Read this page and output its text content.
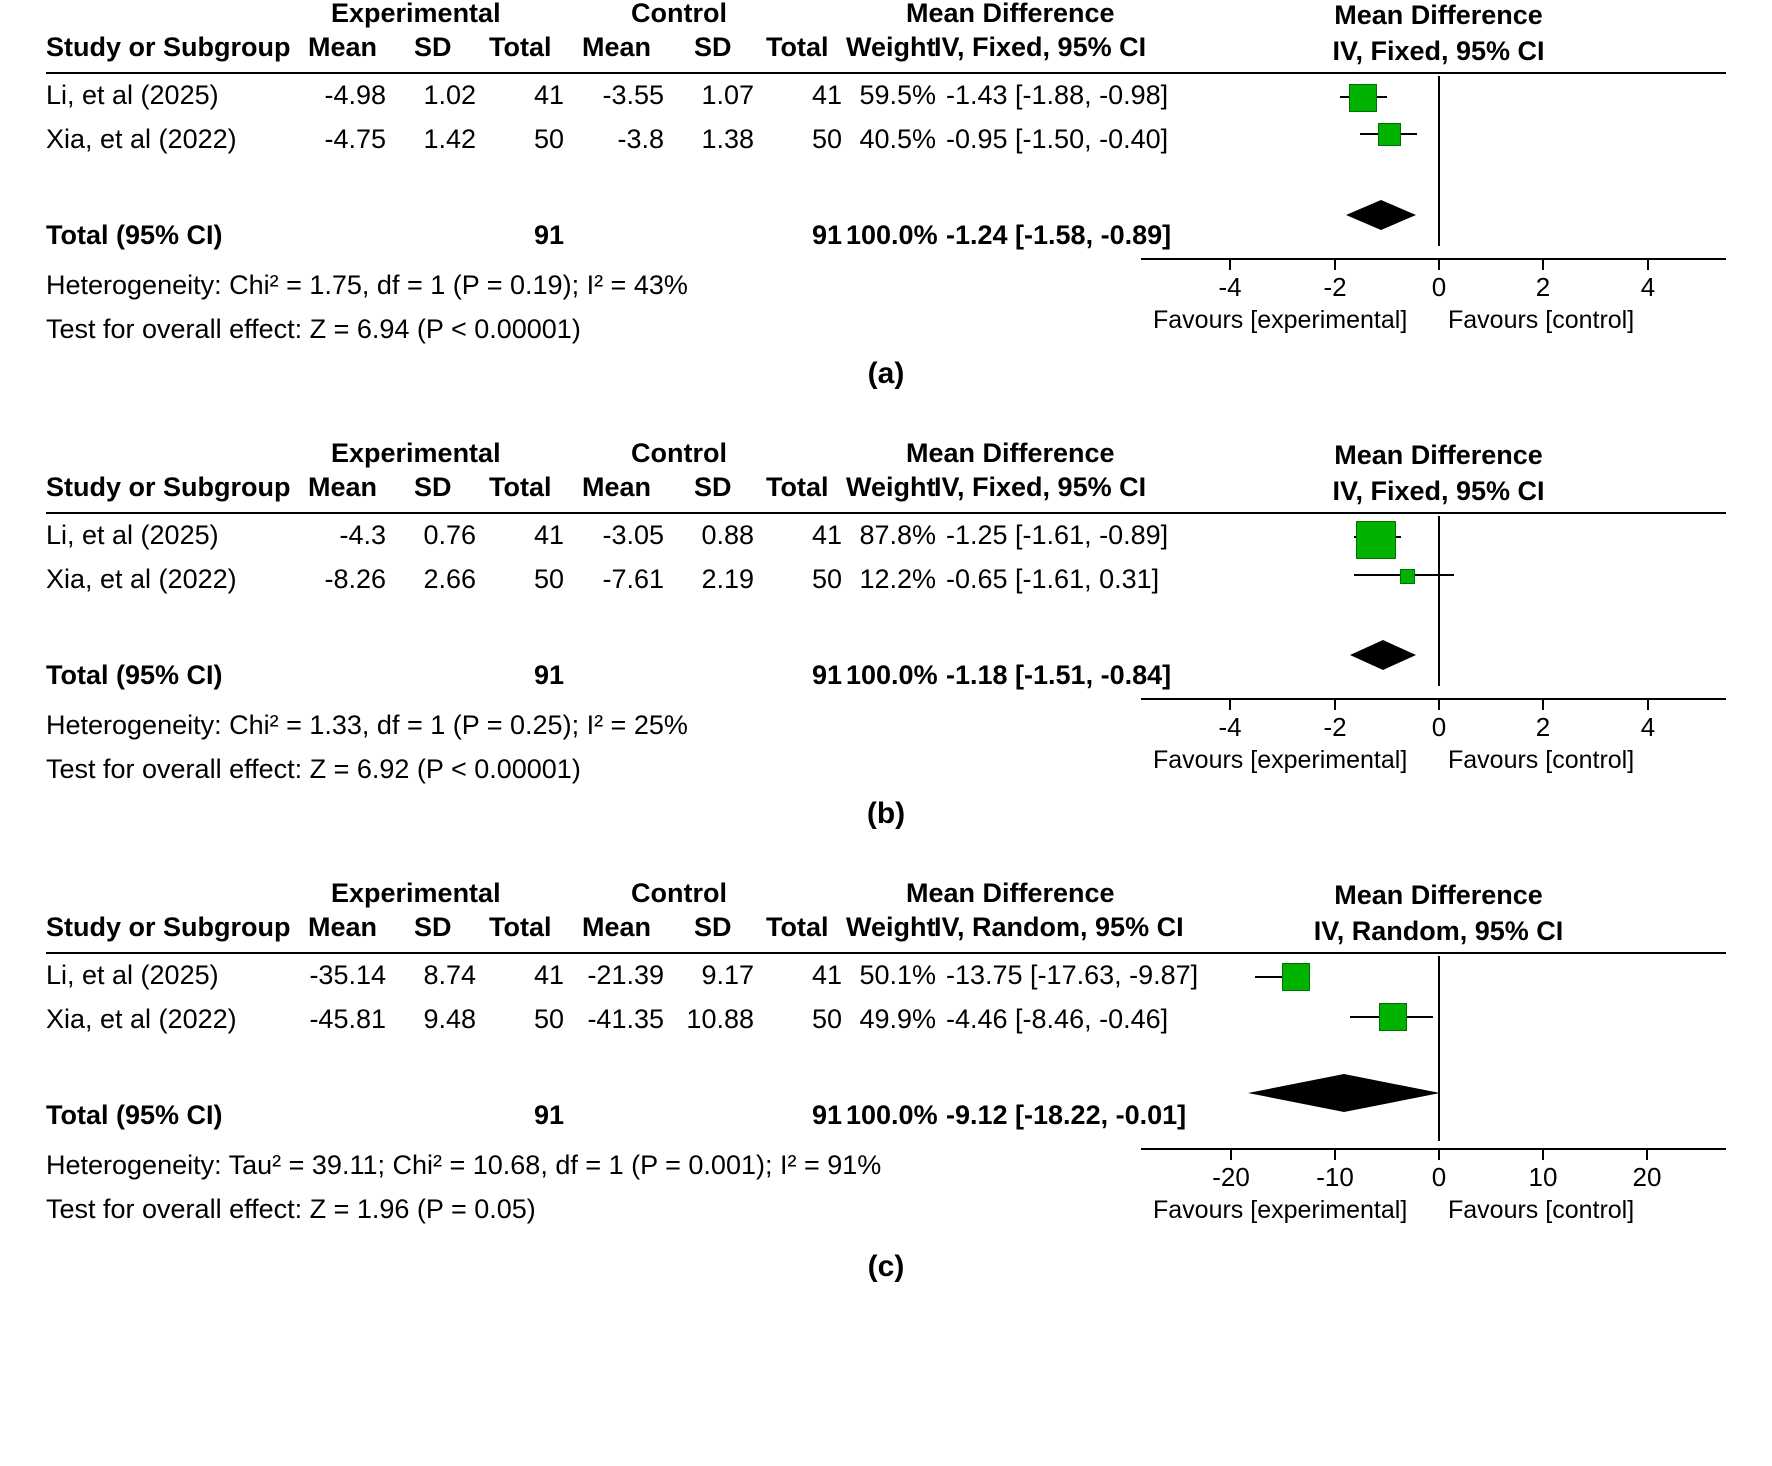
Experimental	Control	Mean Difference
Study or Subgroup Mean SD Total Mean SD Total Weight
IV, Fixed, 95% CI
Li, et al (2025)	-4.98	1.02	41	-3.55	1.07	41 59.5% -1.43 [-1.88, -0.98]
Xia, et al (2022)	-4.75	1.42	50	-3.8	1.38	50 40.5% -0.95 [-1.50, -0.40]
Total (95% CI)	91	91 100.0% -1.24 [-1.58, -0.89]
Heterogeneity: Chi² = 1.75, df = 1 (P = 0.19); I² = 43%
Test for overall effect: Z = 6.94 (P < 0.00001)
Mean Difference
IV, Fixed, 95% CI
-4	-2	0	2	4
Favours [experimental] Favours [control]
(a)
Experimental	Control	Mean Difference
Study or Subgroup Mean SD Total Mean SD Total Weight
IV, Fixed, 95% CI
Li, et al (2025)	-4.3	0.76	41	-3.05	0.88	41 87.8% -1.25 [-1.61, -0.89]
Xia, et al (2022)	-8.26	2.66	50	-7.61	2.19	50 12.2% -0.65 [-1.61, 0.31]
Total (95% CI)	91	91 100.0% -1.18 [-1.51, -0.84]
Heterogeneity: Chi² = 1.33, df = 1 (P = 0.25); I² = 25%
Test for overall effect: Z = 6.92 (P < 0.00001)
Mean Difference
IV, Fixed, 95% CI
-4	-2	0	2	4
Favours [experimental] Favours [control]
(b)
Experimental	Control	Mean Difference
Study or Subgroup Mean SD Total Mean SD Total Weight
IV, Random, 95% CI
Li, et al (2025)	-35.14	8.74	41 -21.39	9.17	41 50.1% -13.75 [-17.63, -9.87]
Xia, et al (2022)	-45.81	9.48	50 -41.35 10.88	50 49.9% -4.46 [-8.46, -0.46]
Total (95% CI)	91	91 100.0% -9.12 [-18.22, -0.01]
Heterogeneity: Tau² = 39.11; Chi² = 10.68, df = 1 (P = 0.001); I² = 91%
Test for overall effect: Z = 1.96 (P = 0.05)
Mean Difference
IV, Random, 95% CI
-20	-10	0	10	20
Favours [experimental] Favours [control]
(c)
